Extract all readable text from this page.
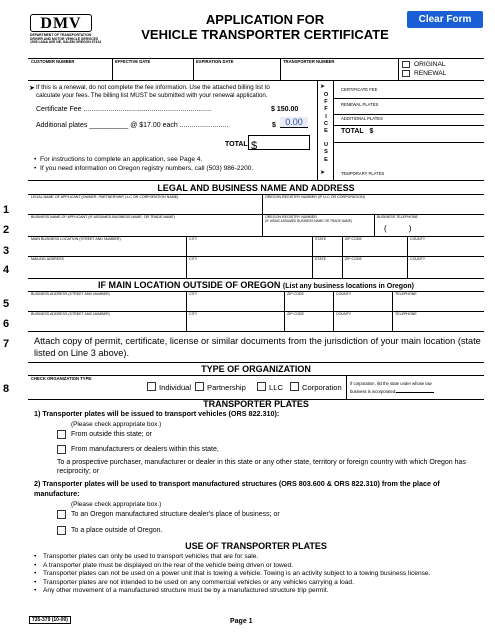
DMV
DEPARTMENT OF TRANSPORTATION
DRIVER AND MOTOR VEHICLE SERVICES
1905 LANA AVE NE, SALEM OREGON 97314
APPLICATION FOR
VEHICLE TRANSPORTER CERTIFICATE
Clear Form
CUSTOMER NUMBER	EFFECTIVE DATE	EXPIRATION DATE	TRANSPORTER NUMBER	ORIGINAL
RENEWAL
➤ If this is a renewal, do not complete the fee information. Use the attached billing list to
calculate your fees. The billing list MUST be submitted with your renewal application.
Certificate Fee ..................................................................	$ 150.00
Additional plates __________ @ $17.00 each .........................	$	0.00
TOTAL $
•  For instructions to complete an application, see Page 4.
•  If you need information on Oregon registry numbers, call (503) 986-2200.
➤
O
F
F
I
C
E
U
S
E
➤
CERTIFICATE FEE
RENEWAL PLATES
ADDITIONAL PLATES
TOTAL $
TEMPORARY PLATES
LEGAL AND BUSINESS NAME AND ADDRESS
1
LEGAL NAME OF APPLICANT (OWNER, PARTNERSHIP, LLC OR CORPORATION NAME)	OREGON REGISTRY NUMBER (IF LLC OR CORPORATION)
2
BUSINESS NAME OF APPLICANT (IF ASSUMED BUSINESS NAME, OR TRADE NAME)	OREGON REGISTRY NUMBER
(IF USING ASSUMED BUSINESS NAME OR TRADE NAME)
BUSINESS TELEPHONE
(          )
3
MAIN BUSINESS LOCATION (STREET AND NUMBER)	CITY	STATE	ZIP CODE	COUNTY
4
MAILING ADDRESS	CITY	STATE	ZIP CODE	COUNTY
IF MAIN LOCATION OUTSIDE OF OREGON (List any business locations in Oregon)
5
BUSINESS ADDRESS (STREET AND NUMBER)	CITY	ZIP CODE	COUNTY	TELEPHONE
6
BUSINESS ADDRESS (STREET AND NUMBER)	CITY	ZIP CODE	COUNTY	TELEPHONE
7	Attach copy of permit, certificate, license or similar documents from the jurisdiction of your main location (state listed on Line 3 above).
TYPE OF ORGANIZATION
8
CHECK ORGANIZATION TYPE:
Individual Partnership	LLC	Corporation If corporation, list the state under whose law
business is incorporated:
TRANSPORTER PLATES
1) Transporter plates will be issued to transport vehicles (ORS 822.310):
(Please check appropriate box.)
From outside this state; or
From manufacturers or dealers within this state,
To a prospective purchaser, manufacturer or dealer in this state or any other state, territory or foreign country with which Oregon has reciprocity; or
2) Transporter plates will be used to transport manufactured structures (ORS 803.600 & ORS 822.310) from the place of manufacture:
(Please check appropriate box.)
To an Oregon manufactured structure dealer's place of business; or
To a place outside of Oregon.
USE OF TRANSPORTER PLATES
•	Transporter plates can only be used to transport vehicles that are for sale.
•	A transporter plate must be displayed on the rear of the vehicle being driven or towed.
•	Transporter plates can not be used on a power unit that is towing a vehicle. Towing is an activity subject to a towing business license.
•	Transporter plates are not intended to be used on any commercial vehicles or any vehicles carrying a load.
•	Any other movement of a manufactured structure must be by a manufactured structure trip permit.
735-379 (10-09)	Page 1
